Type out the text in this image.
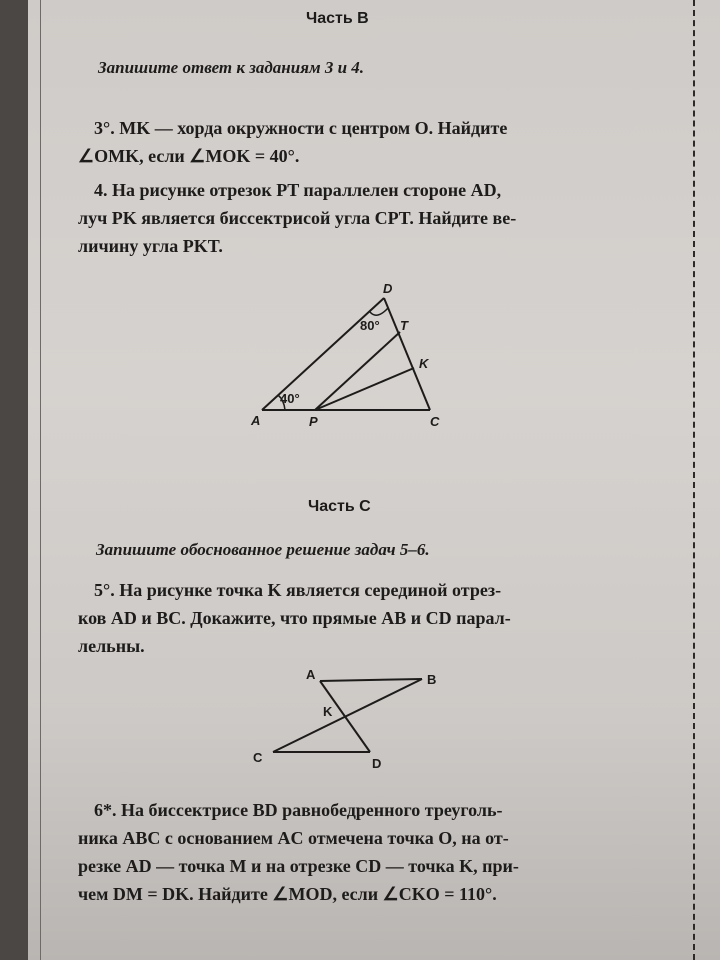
Часть B
Запишите ответ к заданиям 3 и 4.
3°. MK — хорда окружности с центром O. Найдите
∠OMK, если ∠MOK = 40°.
4. На рисунке отрезок PT параллелен стороне AD,
луч PK является биссектрисой угла CPT. Найдите ве-
личину угла PKT.
D
T
K
A	P	C
80°
40°
Часть C
Запишите обоснованное решение задач 5–6.
5°. На рисунке точка K является серединой отрез-
ков AD и BC. Докажите, что прямые AB и CD парал-
лельны.
A	B
K
C	D
6*. На биссектрисе BD равнобедренного треуголь-
ника ABC с основанием AC отмечена точка O, на от-
резке AD — точка M и на отрезке CD — точка K, при-
чем DM = DK. Найдите ∠MOD, если ∠CKO = 110°.
